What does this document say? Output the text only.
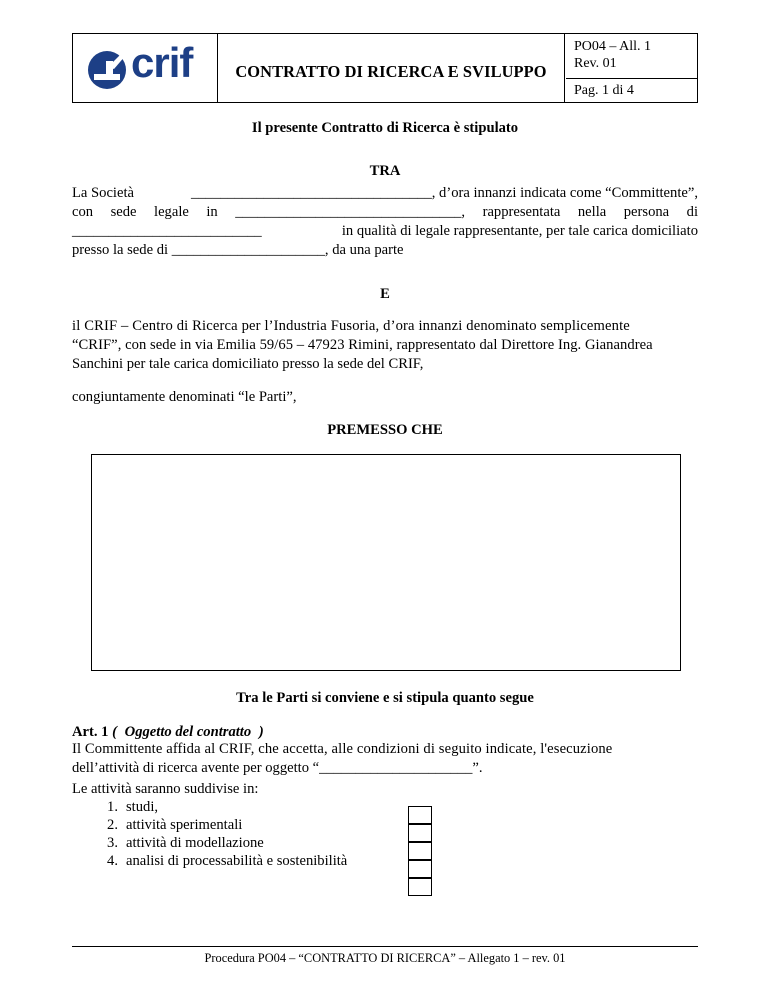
crif	CONTRATTO DI RICERCA E SVILUPPO
PO04 – All. 1
Rev. 01
Pag. 1 di 4
Il presente Contratto di Ricerca è stipulato
TRA
La Società	_________________________________, d’ora innanzi indicata come “Committente”,
con sede legale in _______________________________, rappresentata nella persona di
__________________________	in qualità di legale rappresentante, per tale carica domiciliato
presso la sede di _____________________, da una parte
E
il CRIF – Centro di Ricerca per l’Industria Fusoria, d’ora innanzi denominato semplicemente
“CRIF”, con sede in via Emilia 59/65 – 47923 Rimini, rappresentato dal Direttore Ing. Gianandrea
Sanchini per tale carica domiciliato presso la sede del CRIF,
congiuntamente denominati “le Parti”,
PREMESSO CHE
Tra le Parti si conviene e si stipula quanto segue
Art. 1 ( Oggetto del contratto )
Il Committente affida al CRIF, che accetta, alle condizioni di seguito indicate, l'esecuzione
dell’attività di ricerca avente per oggetto “_____________________”.
Le attività saranno suddivise in:
1. studi,
2. attività sperimentali
3. attività di modellazione
4. analisi di processabilità e sostenibilità
Procedura PO04 – “CONTRATTO DI RICERCA” – Allegato 1 – rev. 01
